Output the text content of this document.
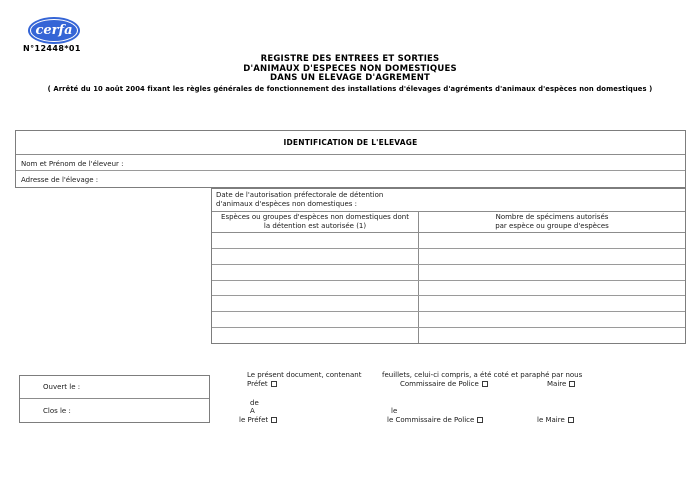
cerfa
N°12448*01
REGISTRE DES ENTREES ET SORTIES
D'ANIMAUX D'ESPECES NON DOMESTIQUES
DANS UN ELEVAGE D'AGREMENT
( Arrêté du 10 août 2004 fixant les règles générales de fonctionnement des installations d'élevages d'agréments d'animaux d'espèces non domestiques )
IDENTIFICATION DE L'ELEVAGE
Nom et Prénom de l'éleveur :
Adresse de l'élevage :
Date de l'autorisation préfectorale de détention
d'animaux d'espèces non domestiques :
Espèces ou groupes d'espèces non domestiques dont
la détention est autorisée (1)
Nombre de spécimens autorisés
par espèce ou groupe d'espèces
Ouvert le :
Clos le :
Le présent document, contenant	feuillets, celui-ci compris, a été coté et paraphé par nous
Préfet	Commissaire de Police	Maire
de
A	le
le Préfet	le Commissaire de Police	le Maire
